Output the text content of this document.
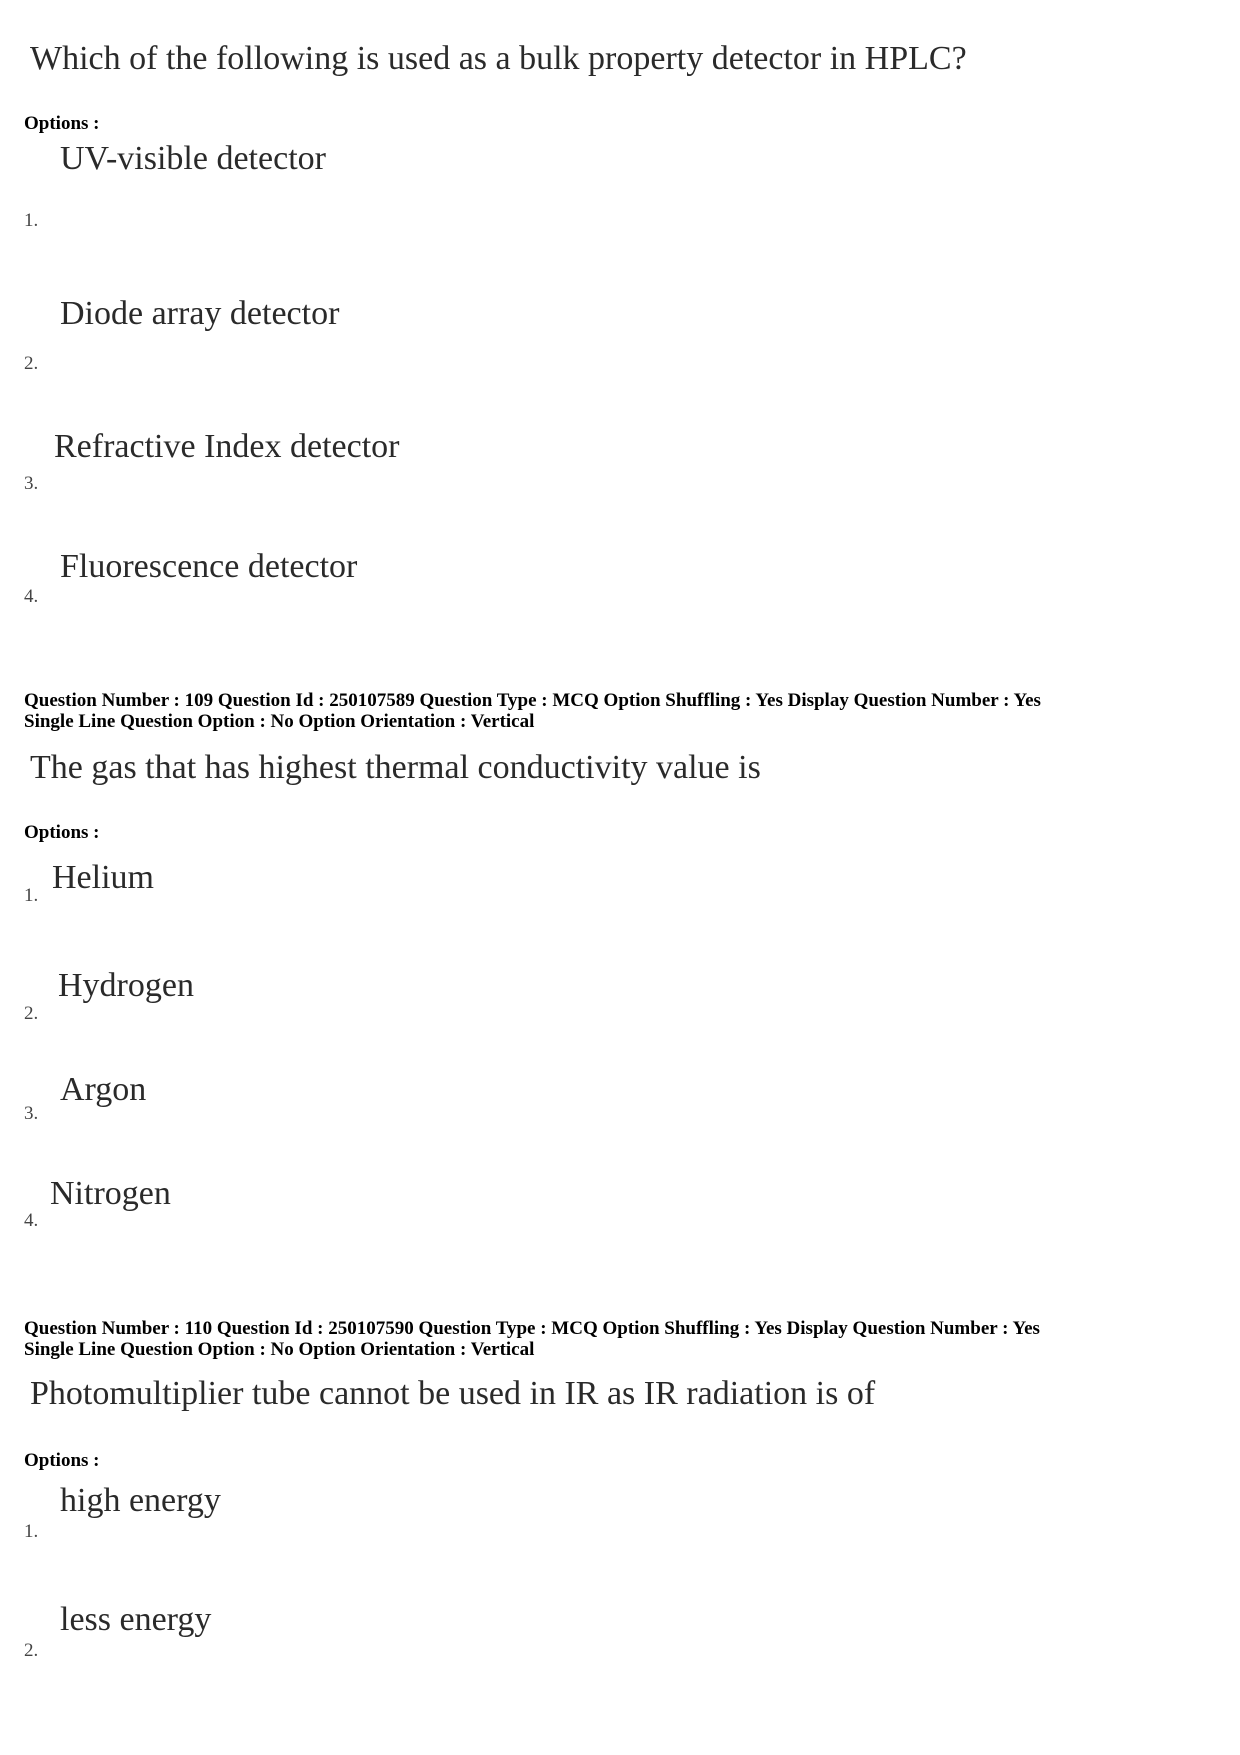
Which of the following is used as a bulk property detector in HPLC?
Options :
UV-visible detector
1.
Diode array detector
2.
Refractive Index detector
3.
Fluorescence detector
4.
Question Number : 109 Question Id : 250107589 Question Type : MCQ Option Shuffling : Yes Display Question Number : Yes
Single Line Question Option : No Option Orientation : Vertical
The gas that has highest thermal conductivity value is
Options :
1. Helium
Hydrogen
2.
Argon
3.
Nitrogen
4.
Question Number : 110 Question Id : 250107590 Question Type : MCQ Option Shuffling : Yes Display Question Number : Yes
Single Line Question Option : No Option Orientation : Vertical
Photomultiplier tube cannot be used in IR as IR radiation is of
Options :
high energy
1.
less energy
2.
